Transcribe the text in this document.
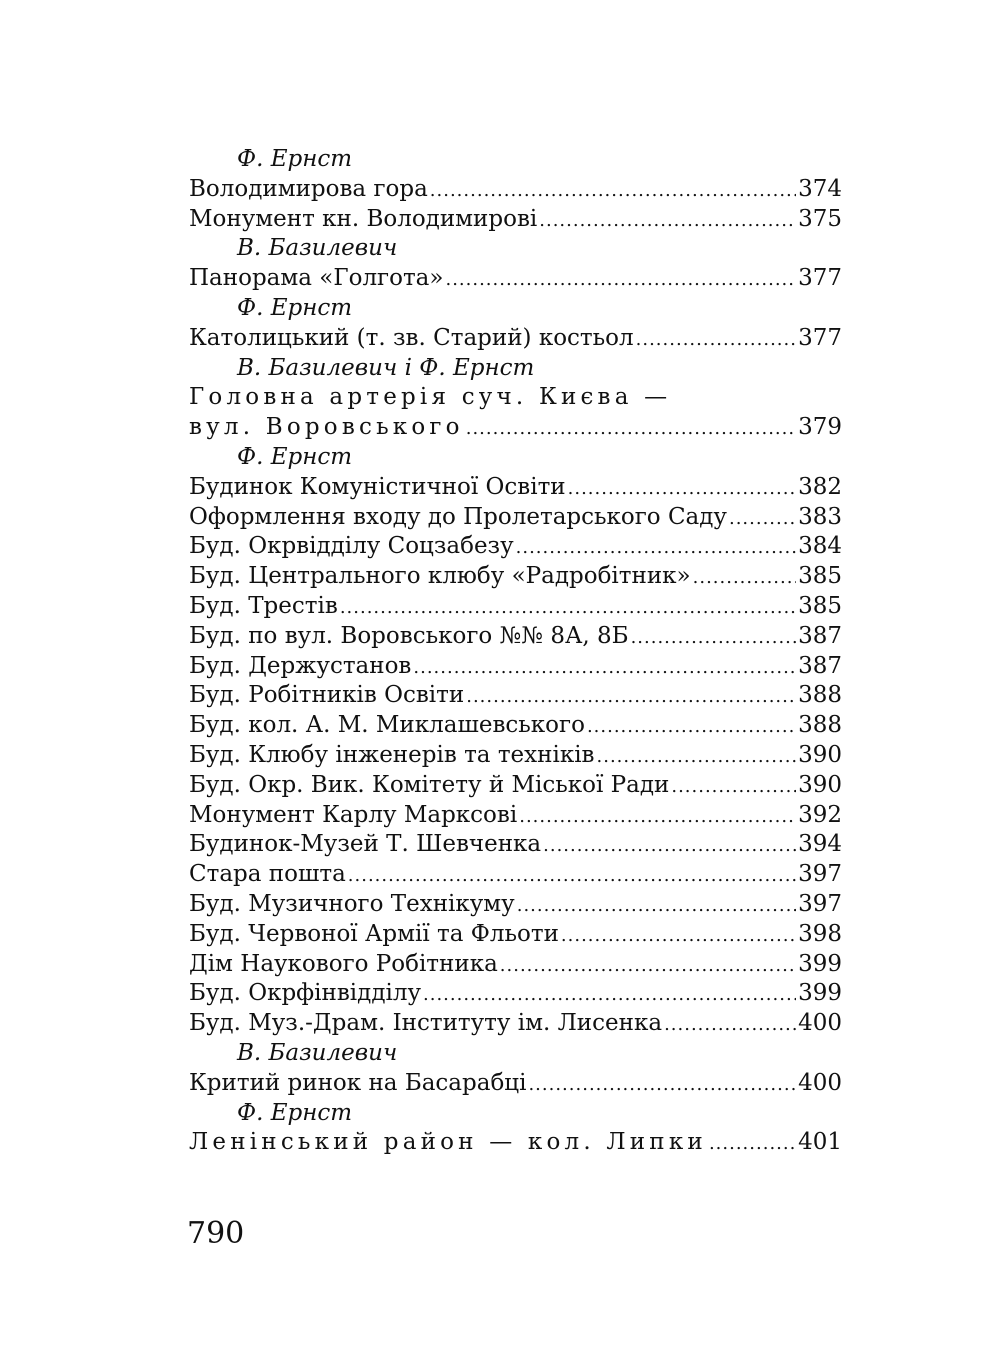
Ф. Ернст
Володимирова гора .....	374
Монумент кн. Володимирові .....	375
В. Базилевич
Панорама «Голгота» .....	377
Ф. Ернст
Католицький (т. зв. Старий) костьол .....	377
В. Базилевич і Ф. Ернст
Головна артерія суч. Києва —
вул. Воровського .....	379
Ф. Ернст
Будинок Комуністичної Освіти .....	382
Оформлення входу до Пролетарського Саду .....	383
Буд. Окрвідділу Соцзабезу .....	384
Буд. Центрального клюбу «Радробітник» .....	385
Буд. Трестів .....	385
Буд. по вул. Воровського №№ 8А, 8Б .....	387
Буд. Держустанов .....	387
Буд. Робітників Освіти .....	388
Буд. кол. А. М. Миклашевського .....	388
Буд. Клюбу інженерів та техніків .....	390
Буд. Окр. Вик. Комітету й Міської Ради .....	390
Монумент Карлу Марксові .....	392
Будинок-Музей Т. Шевченка .....	394
Стара пошта .....	397
Буд. Музичного Технікуму .....	397
Буд. Червоної Армії та Фльоти .....	398
Дім Наукового Робітника .....	399
Буд. Окрфінвідділу .....	399
Буд. Муз.-Драм. Інституту ім. Лисенка .....	400
В. Базилевич
Критий ринок на Басарабці .....	400
Ф. Ернст
Ленінський район — кол. Липки .....	401
790
